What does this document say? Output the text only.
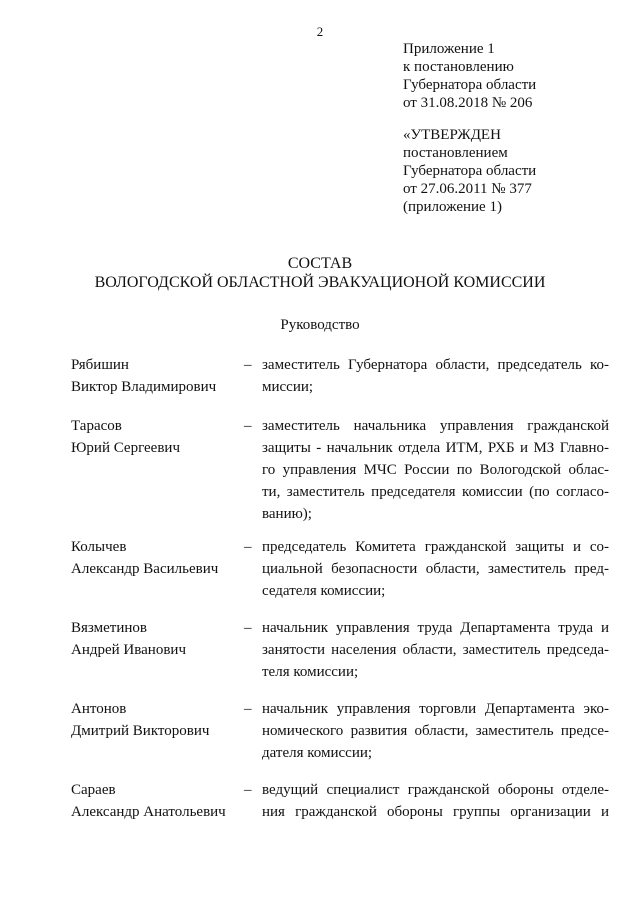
2
Приложение 1
к постановлению
Губернатора области
от 31.08.2018 № 206
«УТВЕРЖДЕН
постановлением
Губернатора области
от 27.06.2011 № 377
(приложение 1)
СОСТАВ
ВОЛОГОДСКОЙ ОБЛАСТНОЙ ЭВАКУАЦИОНОЙ КОМИССИИ
Руководство
Рябишин
Виктор Владимирович
– заместитель Губернатора области, председатель ко-
миссии;
Тарасов
Юрий Сергеевич
– заместитель начальника управления гражданской
защиты - начальник отдела ИТМ, РХБ и МЗ Главно-
го управления МЧС России по Вологодской облас-
ти, заместитель председателя комиссии (по согласо-
ванию);
Колычев
Александр Васильевич
– председатель Комитета гражданской защиты и со-
циальной безопасности области, заместитель пред-
седателя комиссии;
Вязметинов
Андрей Иванович
– начальник управления труда Департамента труда и
занятости населения области, заместитель председа-
теля комиссии;
Антонов
Дмитрий Викторович
– начальник управления торговли Департамента эко-
номического развития области, заместитель предсе-
дателя комиссии;
Сараев
Александр Анатольевич
– ведущий специалист гражданской обороны отделе-
ния гражданской обороны группы организации и
